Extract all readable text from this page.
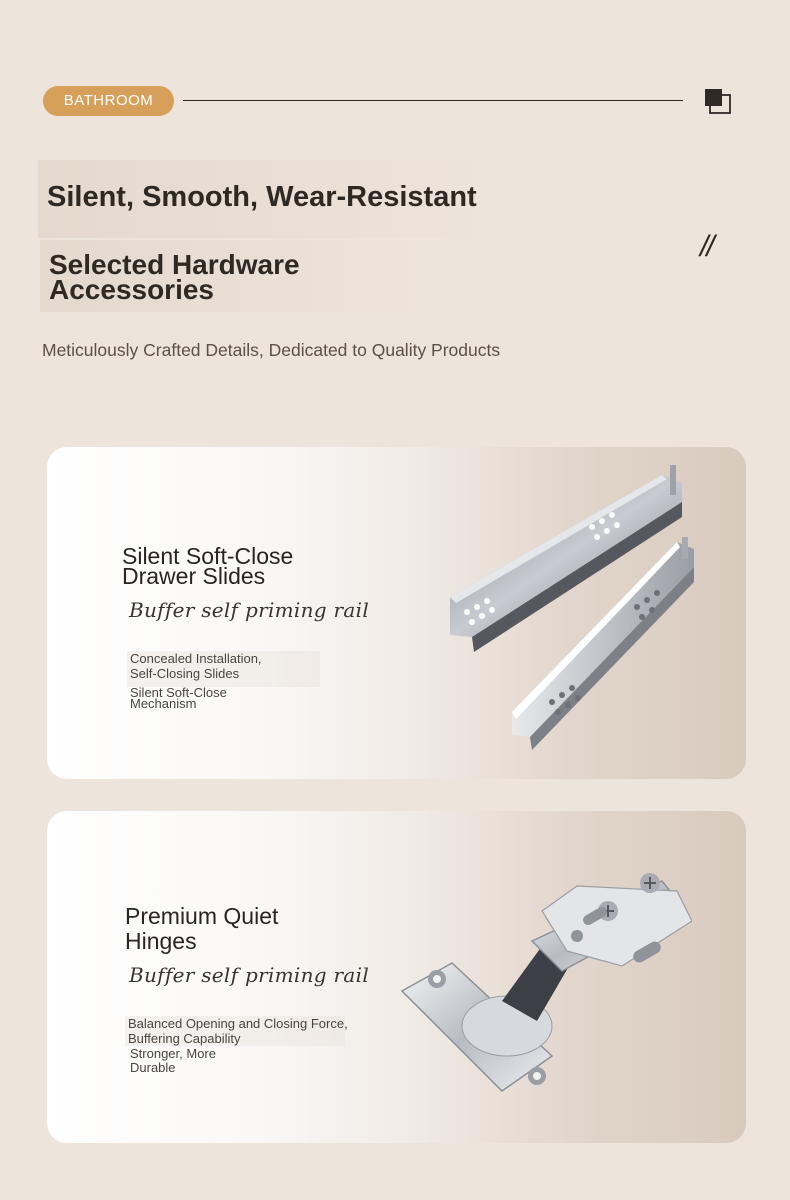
BATHROOM
Silent, Smooth, Wear-Resistant
Selected Hardware
Accessories
//
Meticulously Crafted Details, Dedicated to Quality Products
Silent Soft-Close
Drawer Slides
Buffer self priming rail
Concealed Installation,
Self-Closing Slides
Silent Soft-Close
Mechanism
Premium Quiet
Hinges
Buffer self priming rail
Balanced Opening and Closing Force,
Buffering Capability
Stronger, More
Durable
